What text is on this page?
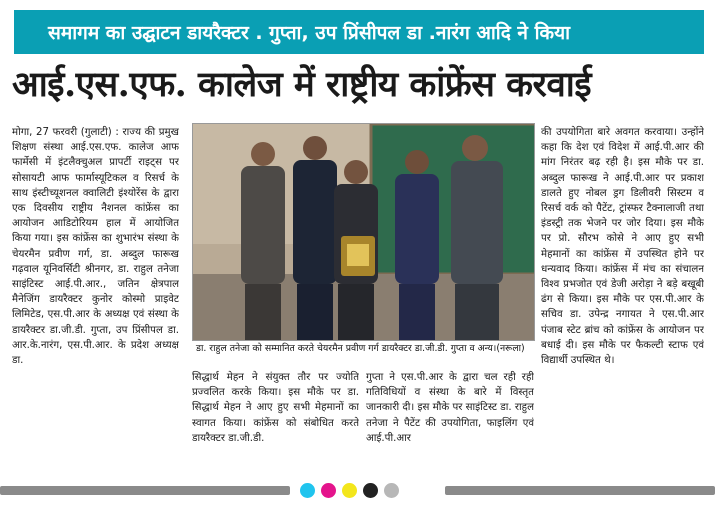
समागम का उद्घाटन डायरैक्टर . गुप्ता, उप प्रिंसीपल डा .नारंग आदि ने किया
आई.एस.एफ. कालेज में राष्ट्रीय कांफ्रेंस करवाई
मोगा, 27 फरवरी (गुलाटी) : राज्य की प्रमुख शिक्षण संस्था आई.एस.एफ. कालेज आफ फार्मेसी में इंटलैक्चुअल प्रापर्टी राइट्स पर सोसायटी आफ फार्मास्यूटिकल व रिसर्च के साथ इंस्टीच्यूशनल क्वालिटी इंश्योरेंस के द्वारा एक दिवसीय राष्ट्रीय नैशनल कांफ्रेंस का आयोजन आडिटोरियम हाल में आयोजित किया गया। इस कांफ्रेंस का शुभारंभ संस्था के चेयरमैन प्रवीण गर्ग, डा. अब्दुल फारूख गढ़वाल यूनिवर्सिटी श्रीनगर, डा. राहुल तनेजा साइंटिस्ट आई.पी.आर., जतिन क्षेत्रपाल मैनेजिंग डायरैक्टर कुनोर कोस्मो प्राइवेट लिमिटेड, एस.पी.आर के अध्यक्ष एवं संस्था के डायरैक्टर डा.जी.डी. गुप्ता, उप प्रिंसीपल डा. आर.के.नारंग, एस.पी.आर. के प्रदेश अध्यक्ष डा.
डा. राहुल तनेजा को सम्मानित करते चेयरमैन प्रवीण गर्ग डायरैक्टर डा.जी.डी. गुप्ता व अन्य।(नरूला)
सिद्धार्थ मेहन ने संयुक्त तौर पर ज्योति प्रज्वलित करके किया। इस मौके पर डा. सिद्धार्थ मेहन ने आए हुए सभी मेहमानों का स्वागत किया। कांफ्रेंस को संबोधित करते डायरैक्टर डा.जी.डी.
गुप्ता ने एस.पी.आर के द्वारा चल रही रही गतिविधियों व संस्था के बारे में विस्तृत जानकारी दी। इस मौके पर साइंटिस्ट डा. राहुल तनेजा ने पैटेंट की उपयोगिता, फाइलिंग एवं आई.पी.आर
की उपयोगिता बारे अवगत करवाया। उन्होंने कहा कि देश एवं विदेश में आई.पी.आर की मांग निरंतर बढ़ रही है। इस मौके पर डा. अब्दुल फारूख ने आई.पी.आर पर प्रकाश डालते हुए नोबल ड्रग डिलीवरी सिस्टम व रिसर्च वर्क को पैटेंट, ट्रांस्फर टैक्नालाजी तथा इंडस्ट्री तक भेजने पर जोर दिया। इस मौके पर प्रो. सौरभ कोसे ने आए हुए सभी मेहमानों का कांफ्रेंस में उपस्थित होने पर धन्यवाद किया। कांफ्रेंस में मंच का संचालन विश्व प्रभजोत एवं डेजी अरोड़ा ने बड़े बखूबी ढंग से किया। इस मौके पर एस.पी.आर के सचिव डा. उपेन्द्र नगायत ने एस.पी.आर पंजाब स्टेट ब्रांच को कांफ्रेंस के आयोजन पर बधाई दी। इस मौके पर फैकल्टी स्टाफ एवं विद्यार्थी उपस्थित थे।
